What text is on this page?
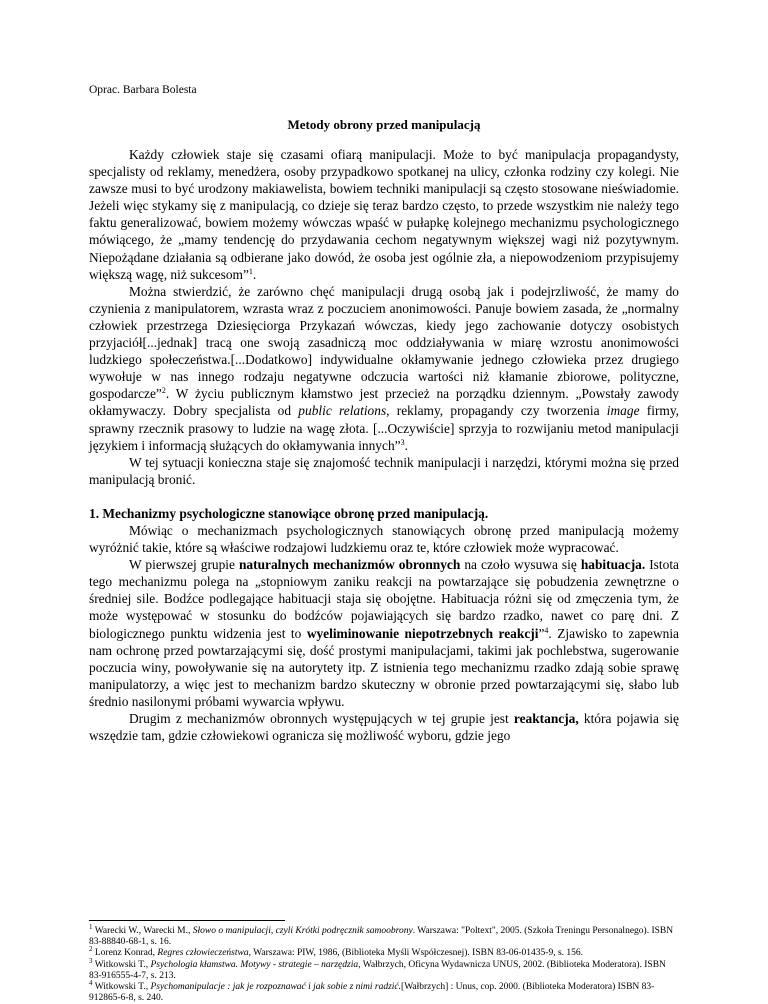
Oprac. Barbara Bolesta
Metody obrony przed manipulacją

Każdy człowiek staje się czasami ofiarą manipulacji. Może to być manipulacja propagandysty, specjalisty od reklamy, menedżera, osoby przypadkowo spotkanej na ulicy, członka rodziny czy kolegi. Nie zawsze musi to być urodzony makiawelista, bowiem techniki manipulacji są często stosowane nieświadomie. Jeżeli więc stykamy się z manipulacją, co dzieje się teraz bardzo często, to przede wszystkim nie należy tego faktu generalizować, bowiem możemy wówczas wpaść w pułapkę kolejnego mechanizmu psychologicznego mówiącego, że „mamy tendencję do przydawania cechom negatywnym większej wagi niż pozytywnym. Niepożądane działania są odbierane jako dowód, że osoba jest ogólnie zła, a niepowodzeniom przypisujemy większą wagę, niż sukcesom”$^1$.

Można stwierdzić, że zarówno chęć manipulacji drugą osobą jak i podejrzliwość, że mamy do czynienia z manipulatorem, wzrasta wraz z poczuciem anonimowości. Panuje bowiem zasada, że „normalny człowiek przestrzega Dziesięciorga Przykazań wówczas, kiedy jego zachowanie dotyczy osobistych przyjaciół[...jednak] tracą one swoją zasadniczą moc oddziaływania w miarę wzrostu anonimowości ludzkiego społeczeństwa.[...Dodatkowo] indywidualne okłamywanie jednego człowieka przez drugiego wywołuje w nas innego rodzaju negatywne odczucia wartości niż kłamanie zbiorowe, polityczne, gospodarcze”$^2$. W życiu publicznym kłamstwo jest przecież na porządku dziennym. „Powstały zawody okłamywaczy. Dobry specjalista od public relations, reklamy, propagandy czy tworzenia image firmy, sprawny rzecznik prasowy to ludzie na wagę złota. [...Oczywiście] sprzyja to rozwijaniu metod manipulacji językiem i informacją służących do okłamywania innych”$^3$.

W tej sytuacji konieczna staje się znajomość technik manipulacji i narzędzi, którymi można się przed manipulacją bronić.

1. Mechanizmy psychologiczne stanowiące obronę przed manipulacją.

Mówiąc o mechanizmach psychologicznych stanowiących obronę przed manipulacją możemy wyróżnić takie, które są właściwe rodzajowi ludzkiemu oraz te, które człowiek może wypracować.

W pierwszej grupie naturalnych mechanizmów obronnych na czoło wysuwa się habituacja. Istota tego mechanizmu polega na „stopniowym zaniku reakcji na powtarzające się pobudzenia zewnętrzne o średniej sile. Bodźce podlegające habituacji staja się obojętne. Habituacja różni się od zmęczenia tym, że może występować w stosunku do bodźców pojawiających się bardzo rzadko, nawet co parę dni. Z biologicznego punktu widzenia jest to wyeliminowanie niepotrzebnych reakcji”$^4$. Zjawisko to zapewnia nam ochronę przed powtarzającymi się, dość prostymi manipulacjami, takimi jak pochlebstwa, sugerowanie poczucia winy, powoływanie się na autorytety itp. Z istnienia tego mechanizmu rzadko zdają sobie sprawę manipulatorzy, a więc jest to mechanizm bardzo skuteczny w obronie przed powtarzającymi się, słabo lub średnio nasilonymi próbami wywarcia wpływu.

Drugim z mechanizmów obronnych występujących w tej grupie jest reaktancja, która pojawia się wszędzie tam, gdzie człowiekowi ogranicza się możliwość wyboru, gdzie jego

$^1$ Warecki W., Warecki M., Słowo o manipulacji, czyli Krótki podręcznik samoobrony. Warszawa: "Poltext", 2005. (Szkoła Treningu Personalnego). ISBN 83-88840-68-1, s. 16.
$^2$ Lorenz Konrad, Regres człowieczeństwa, Warszawa: PIW, 1986, (Biblioteka Myśli Współczesnej). ISBN 83-06-01435-9, s. 156.
$^3$ Witkowski T., Psychologia kłamstwa. Motywy - strategie – narzędzia, Wałbrzych, Oficyna Wydawnicza UNUS, 2002. (Biblioteka Moderatora). ISBN 83-916555-4-7, s. 213.
$^4$ Witkowski T., Psychomanipulacje : jak je rozpoznawać i jak sobie z nimi radzić.[Wałbrzych] : Unus, cop. 2000. (Biblioteka Moderatora) ISBN 83-912865-6-8, s. 240.
